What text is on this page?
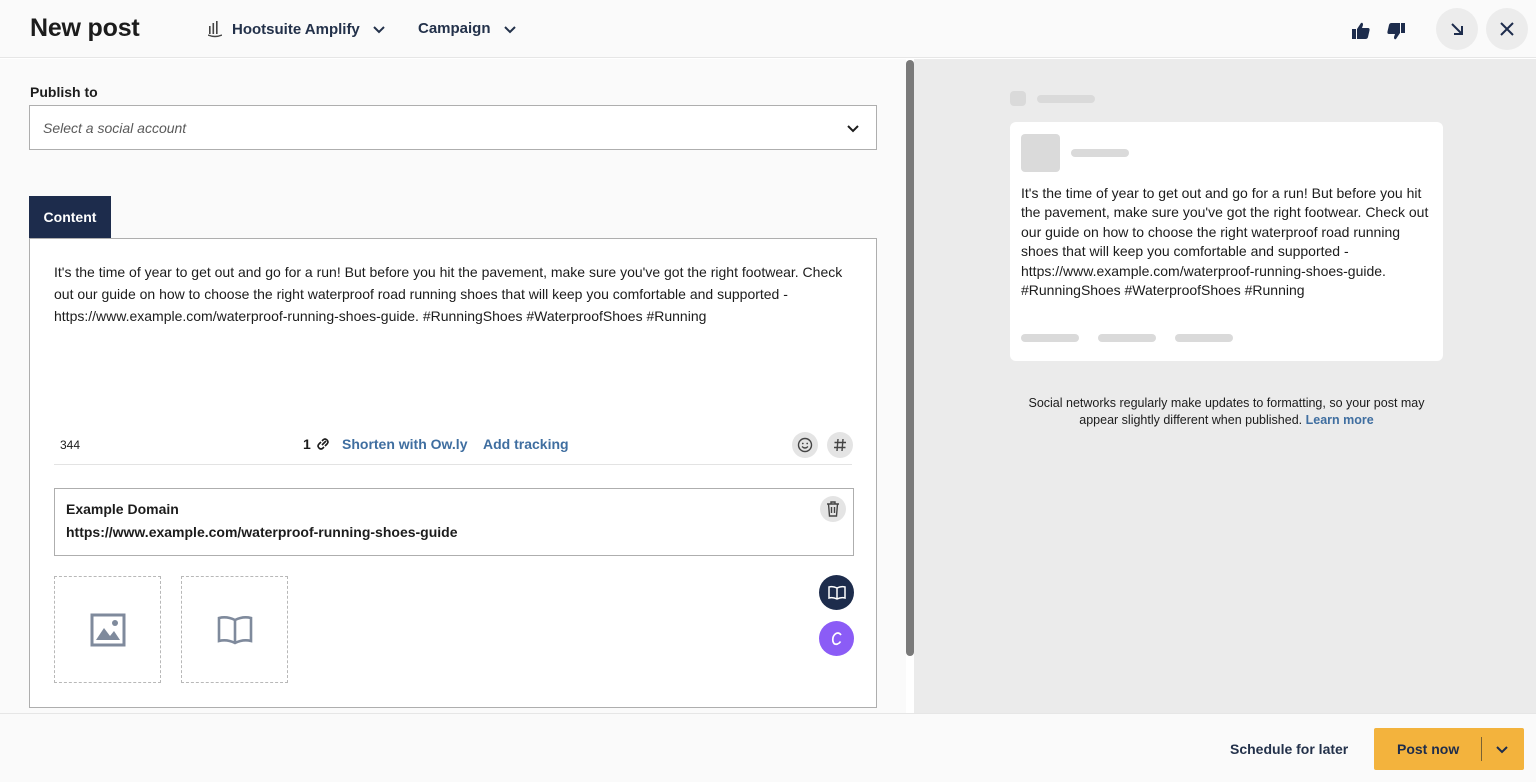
New post	Hootsuite Amplify	Campaign
Publish to
Select a social account
Content
It's the time of year to get out and go for a run! But before you hit the pavement, make sure you've got the right footwear. Check out our guide on how to choose the right waterproof road running shoes that will keep you comfortable and supported - https://www.example.com/waterproof-running-shoes-guide. #RunningShoes #WaterproofShoes #Running
344	1 Shorten with Ow.ly Add tracking
Example Domain
https://www.example.com/waterproof-running-shoes-guide
It's the time of year to get out and go for a run! But before you hit the pavement, make sure you've got the right footwear. Check out our guide on how to choose the right waterproof road running shoes that will keep you comfortable and supported - https://www.example.com/waterproof-running-shoes-guide. #RunningShoes #WaterproofShoes #Running
Social networks regularly make updates to formatting, so your post may appear slightly different when published. Learn more
Schedule for later	Post now
